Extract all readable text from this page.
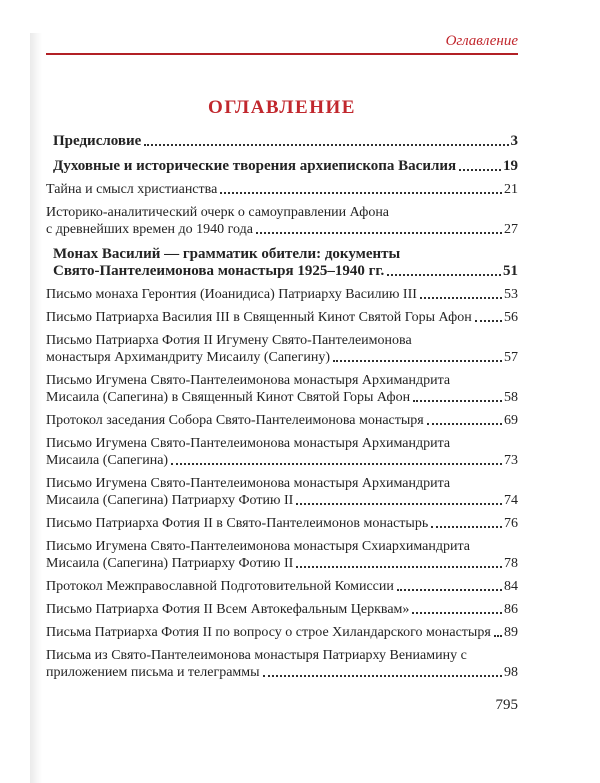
Оглавление
ОГЛАВЛЕНИЕ
Предисловие	3
Духовные и исторические творения архиепископа Василия	19
Тайна и смысл христианства	21
Историко-аналитический очерк о самоуправлении Афона
с древнейших времен до 1940 года	27
Монах Василий — грамматик обители: документы
Свято-Пантелеимонова монастыря 1925–1940 гг.	51
Письмо монаха Геронтия (Иоанидиса) Патриарху Василию III	53
Письмо Патриарха Василия III в Священный Кинот Святой Горы Афон 56
Письмо Патриарха Фотия II Игумену Свято-Пантелеимонова
монастыря Архимандриту Мисаилу (Сапегину)	57
Письмо Игумена Свято-Пантелеимонова монастыря Архимандрита
Мисаила (Сапегина) в Священный Кинот Святой Горы Афон	58
Протокол заседания Собора Свято-Пантелеимонова монастыря	69
Письмо Игумена Свято-Пантелеимонова монастыря Архимандрита
Мисаила (Сапегина)	73
Письмо Игумена Свято-Пантелеимонова монастыря Архимандрита
Мисаила (Сапегина) Патриарху Фотию II	74
Письмо Патриарха Фотия II в Свято-Пантелеимонов монастырь	76
Письмо Игумена Свято-Пантелеимонова монастыря Схиархимандрита
Мисаила (Сапегина) Патриарху Фотию II	78
Протокол Межправославной Подготовительной Комиссии	84
Письмо Патриарха Фотия II Всем Автокефальным Церквам»	86
Письма Патриарха Фотия II по вопросу о строе Хиландарского монастыря 89
Письма из Свято-Пантелеимонова монастыря Патриарху Вениамину с
приложением письма и телеграммы	98
795
